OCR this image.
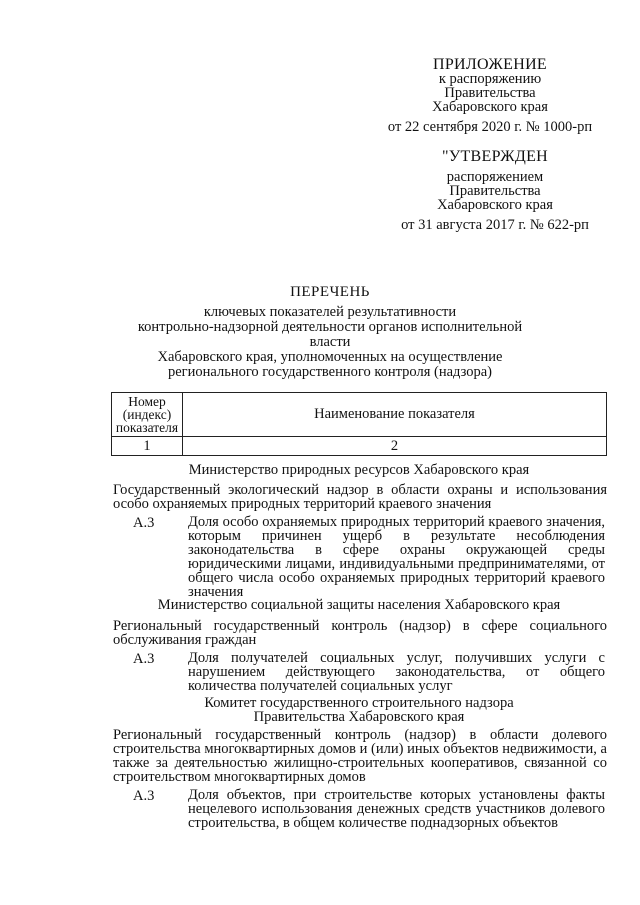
ПРИЛОЖЕНИЕ
к распоряжению
Правительства
Хабаровского края
от 22 сентября 2020 г. № 1000-рп
"УТВЕРЖДЕН
распоряжением
Правительства
Хабаровского края
от 31 августа 2017 г. № 622-рп
ПЕРЕЧЕНЬ
ключевых показателей результативности
контрольно-надзорной деятельности органов исполнительной власти
Хабаровского края, уполномоченных на осуществление
регионального государственного контроля (надзора)
Номер
(индекс)
показателя	Наименование показателя
1	2
Министерство природных ресурсов Хабаровского края
Государственный экологический надзор в области охраны и использования особо охраняемых природных территорий краевого значения
А.3	Доля особо охраняемых природных территорий краевого значения, которым причинен ущерб в результате несоблюдения законодательства в сфере охраны окружающей среды юридическими лицами, индивидуальными предпринимателями, от общего числа особо охраняемых природных территорий краевого значения
Министерство социальной защиты населения Хабаровского края
Региональный государственный контроль (надзор) в сфере социального обслуживания граждан
А.3	Доля получателей социальных услуг, получивших услуги с нарушением действующего законодательства, от общего количества получателей социальных услуг
Комитет государственного строительного надзора
Правительства Хабаровского края
Региональный государственный контроль (надзор) в области долевого строительства многоквартирных домов и (или) иных объектов недвижимости, а также за деятельностью жилищно-строительных кооперативов, связанной со строительством многоквартирных домов
А.3	Доля объектов, при строительстве которых установлены факты нецелевого использования денежных средств участников долевого строительства, в общем количестве поднадзорных объектов
